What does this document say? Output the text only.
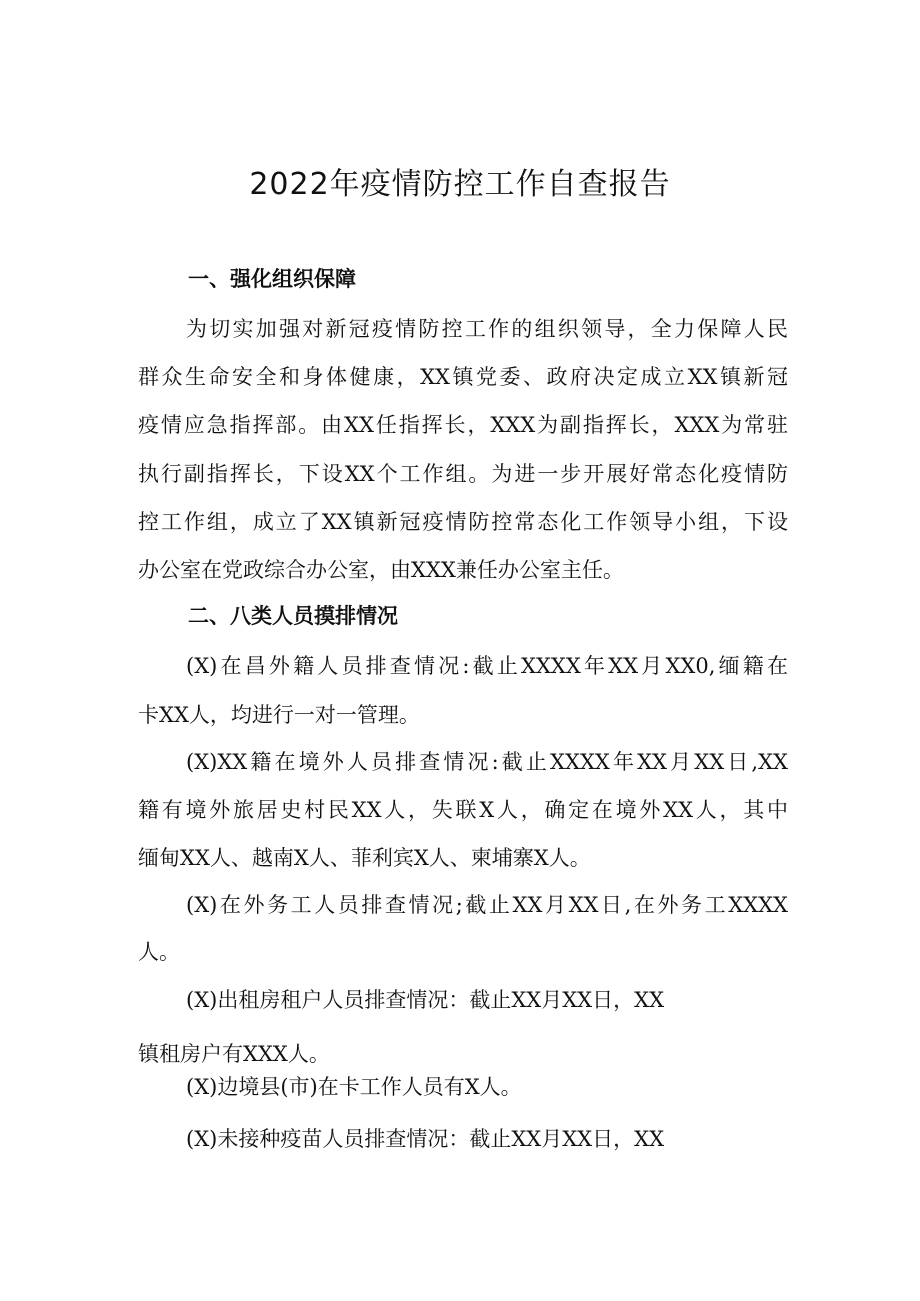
2022年疫情防控工作自查报告
一、强化组织保障
为切实加强对新冠疫情防控工作的组织领导，全力保障人民
群众生命安全和身体健康，XX镇党委、政府决定成立XX镇新冠
疫情应急指挥部。由XX任指挥长，XXX为副指挥长，XXX为常驻
执行副指挥长，下设XX个工作组。为进一步开展好常态化疫情防
控工作组，成立了XX镇新冠疫情防控常态化工作领导小组，下设
办公室在党政综合办公室，由XXX兼任办公室主任。
二、八类人员摸排情况
(X)在昌外籍人员排查情况:截止XXXX年XX月XX0,缅籍在
卡XX人，均进行一对一管理。
(X)XX籍在境外人员排查情况:截止XXXX年XX月XX日,XX
籍有境外旅居史村民XX人，失联X人，确定在境外XX人，其中
缅甸XX人、越南X人、菲利宾X人、柬埔寨X人。
(X)在外务工人员排查情况;截止XX月XX日,在外务工XXXX
人。
(X)出租房租户人员排查情况：截止XX月XX日，XX
镇租房户有XXX人。
(X)边境县(市)在卡工作人员有X人。
(X)未接种疫苗人员排查情况：截止XX月XX日，XX
